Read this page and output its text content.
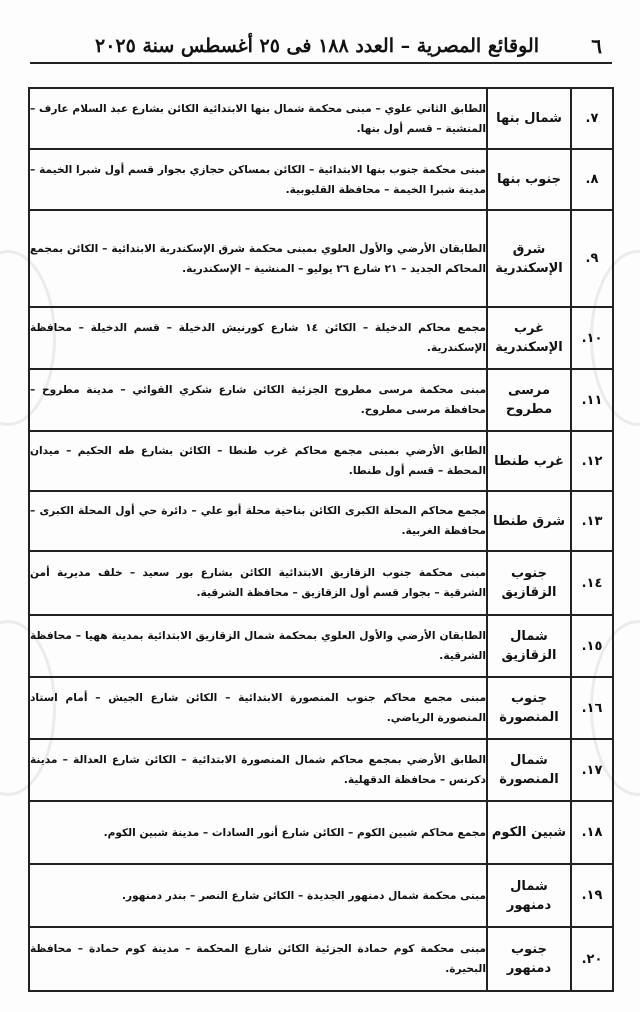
٦
الوقائع المصرية – العدد ١٨٨ فى ٢٥ أغسطس سنة ٢٠٢٥
٧.	شمال بنها	الطابق الثاني علوي – مبنى محكمة شمال بنها الابتدائية الكائن بشارع عبد السلام عارف – المنشية – قسم أول بنها.
٨.	جنوب بنها	مبنى محكمة جنوب بنها الابتدائية – الكائن بمساكن حجازي بجوار قسم أول شبرا الخيمة – مدينة شبرا الخيمة – محافظة القليوبية.
٩.	شرق الإسكندرية	الطابقان الأرضي والأول العلوي بمبنى محكمة شرق الإسكندرية الابتدائية – الكائن بمجمع المحاكم الجديد – ٢١ شارع ٢٦ يوليو – المنشية – الإسكندرية.
١٠.	غرب الإسكندرية	مجمع محاكم الدخيلة – الكائن ١٤ شارع كورنيش الدخيلة – قسم الدخيلة – محافظة الإسكندرية.
١١.	مرسى مطروح	مبنى محكمة مرسى مطروح الجزئية الكائن شارع شكري القوائي – مدينة مطروح – محافظة مرسى مطروح.
١٢.	غرب طنطا	الطابق الأرضي بمبنى مجمع محاكم غرب طنطا – الكائن بشارع طه الحكيم – ميدان المحطة – قسم أول طنطا.
١٣.	شرق طنطا	مجمع محاكم المحلة الكبرى الكائن بناحية محلة أبو علي – دائرة حي أول المحلة الكبرى – محافظة الغربية.
١٤.	جنوب الزقازيق	مبنى محكمة جنوب الزقازيق الابتدائية الكائن بشارع بور سعيد – خلف مديرية أمن الشرقية – بجوار قسم أول الزقازيق – محافظة الشرقية.
١٥.	شمال الزقازيق	الطابقان الأرضي والأول العلوي بمحكمة شمال الزقازيق الابتدائية بمدينة ههيا – محافظة الشرقية.
١٦.	جنوب المنصورة	مبنى مجمع محاكم جنوب المنصورة الابتدائية – الكائن شارع الجيش – أمام استاد المنصورة الرياضي.
١٧.	شمال المنصورة	الطابق الأرضي بمجمع محاكم شمال المنصورة الابتدائية – الكائن شارع العدالة – مدينة دكرنس – محافظة الدقهلية.
١٨.	شبين الكوم	مجمع محاكم شبين الكوم – الكائن شارع أنور السادات – مدينة شبين الكوم.
١٩.	شمال دمنهور	مبنى محكمة شمال دمنهور الجديدة – الكائن شارع النصر – بندر دمنهور.
٢٠.	جنوب دمنهور	مبنى محكمة كوم حمادة الجزئية الكائن شارع المحكمة – مدينة كوم حمادة – محافظة البحيرة.
